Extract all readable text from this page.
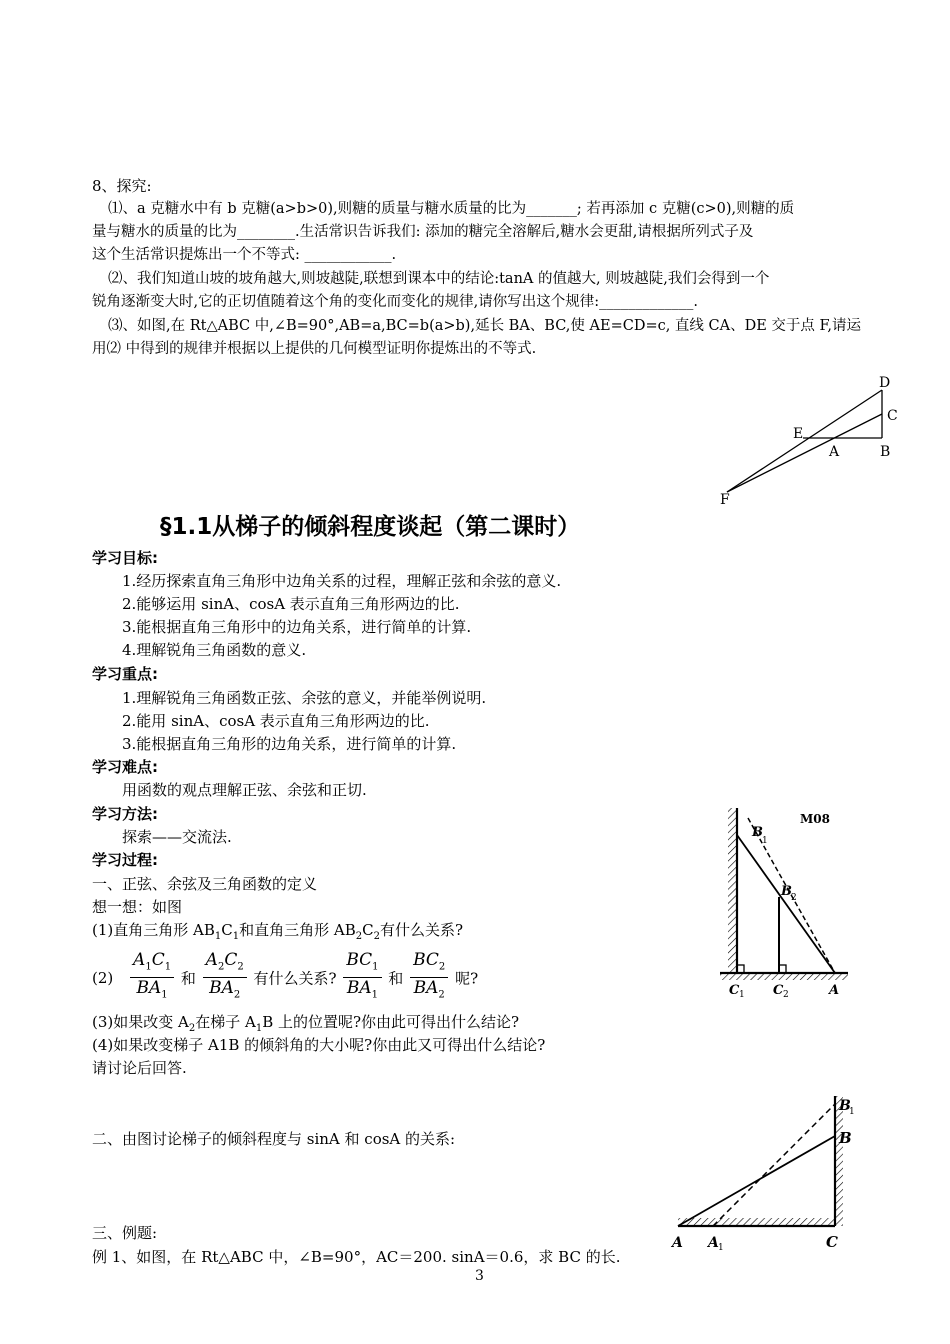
8、探究:
⑴、a 克糖水中有 b 克糖(a>b>0),则糖的质量与糖水质量的比为_______; 若再添加 c 克糖(c>0),则糖的质
量与糖水的质量的比为________.生活常识告诉我们: 添加的糖完全溶解后,糖水会更甜,请根据所列式子及
这个生活常识提炼出一个不等式: ____________.
⑵、我们知道山坡的坡角越大,则坡越陡,联想到课本中的结论:tanA 的值越大, 则坡越陡,我们会得到一个
锐角逐渐变大时,它的正切值随着这个角的变化而变化的规律,请你写出这个规律:_____________.
⑶、如图,在 Rt△ABC 中,∠B=90°,AB=a,BC=b(a>b),延长 BA、BC,使 AE=CD=c, 直线 CA、DE 交于点 F,请运
用⑵ 中得到的规律并根据以上提供的几何模型证明你提炼出的不等式.
D
C
E
A	B
F
§1.1从梯子的倾斜程度谈起（第二课时）
学习目标:
1.经历探索直角三角形中边角关系的过程，理解正弦和余弦的意义.
2.能够运用 sinA、cosA 表示直角三角形两边的比.
3.能根据直角三角形中的边角关系，进行简单的计算.
4.理解锐角三角函数的意义.
学习重点:
1.理解锐角三角函数正弦、余弦的意义，并能举例说明.
2.能用 sinA、cosA 表示直角三角形两边的比.
3.能根据直角三角形的边角关系，进行简单的计算.
学习难点:
用函数的观点理解正弦、余弦和正切.
学习方法:
探索——交流法.
学习过程:
一、正弦、余弦及三角函数的定义
想一想：如图
(1)直角三角形 $AB_1C_1$和直角三角形 $AB_2C_2$有什么关系?
$(2) \frac{A_1C_1}{BA_1}$ 和 $\frac{A_2C_2}{BA_2}$ 有什么关系? $\frac{BC_1}{BA_1}$ 和 $\frac{BC_2}{BA_2}$ 呢?
(3)如果改变 $A_2$在梯子 $A_1B$ 上的位置呢?你由此可得出什么结论?
(4)如果改变梯子 A1B 的倾斜角的大小呢?你由此又可得出什么结论?
请讨论后回答.
二、由图讨论梯子的倾斜程度与 sinA 和 cosA 的关系:
三、例题:
例 1、如图，在 Rt△ABC 中，∠B=90°，AC＝200. sinA＝0.6，求 BC 的长.
3
M08
B
1
B 2
C 1 C 2	A
B
1
B
A A 1	C
